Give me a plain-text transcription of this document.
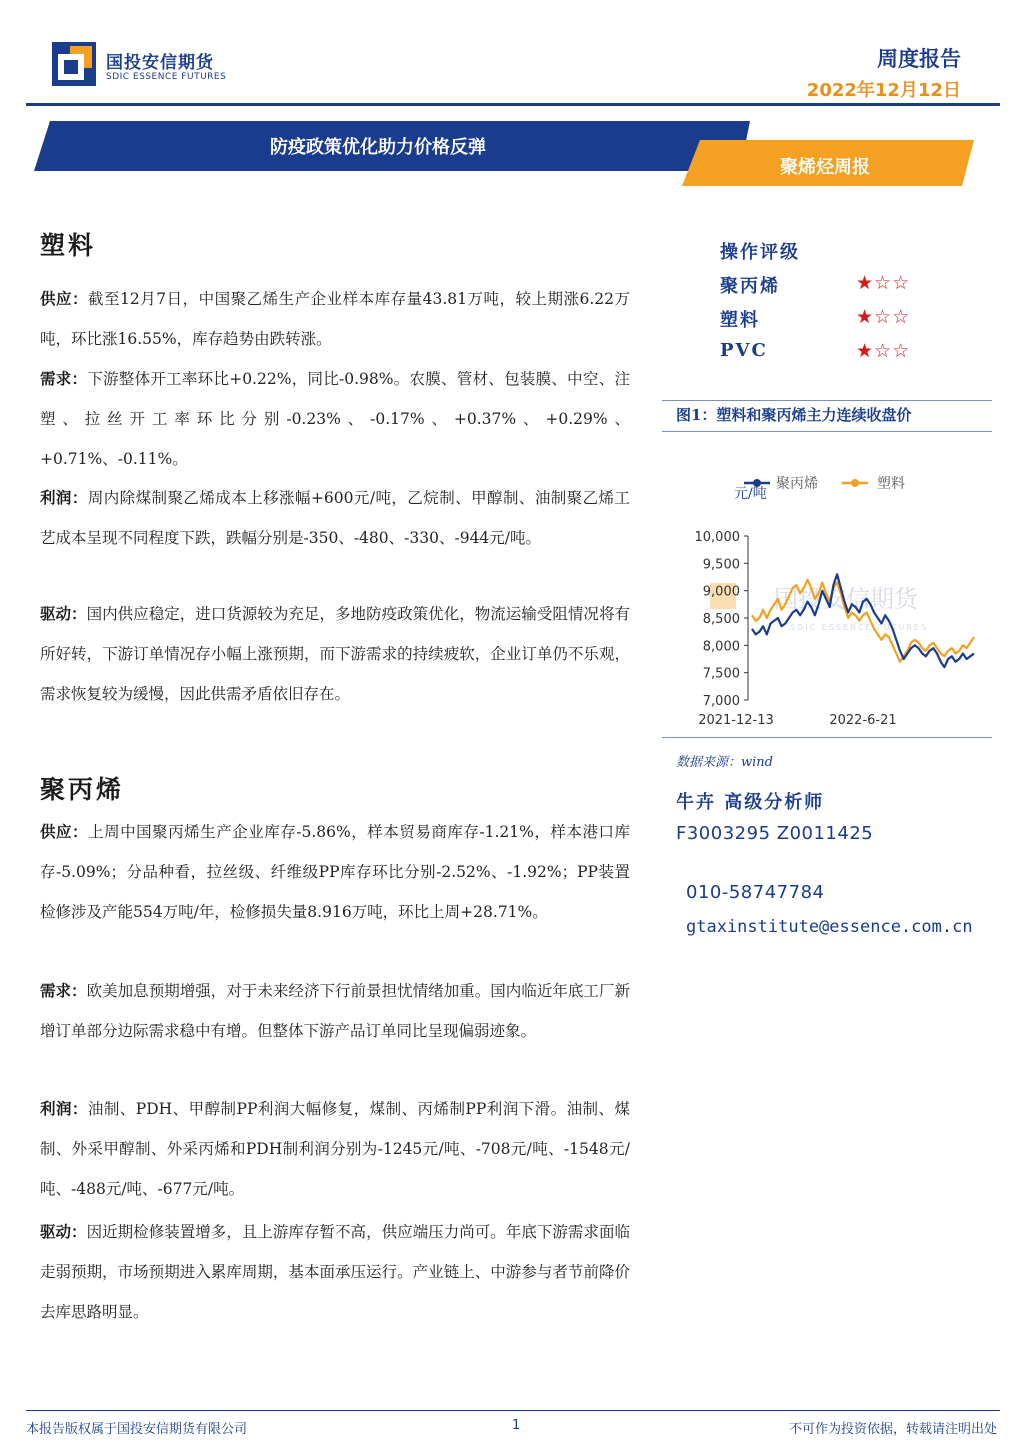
国投安信期货
SDIC ESSENCE FUTURES
周度报告
2022年12月12日
防疫政策优化助力价格反弹
聚烯烃周报
塑料
供应：截至12月7日，中国聚乙烯生产企业样本库存量43.81万吨，较上期涨6.22万吨，环比涨16.55%，库存趋势由跌转涨。
需求：下游整体开工率环比+0.22%，同比-0.98%。农膜、管材、包装膜、中空、注塑、拉丝开工率环比分别-0.23%、-0.17%、+0.37%、+0.29%、+0.71%、-0.11%。
利润：周内除煤制聚乙烯成本上移涨幅+600元/吨，乙烷制、甲醇制、油制聚乙烯工艺成本呈现不同程度下跌，跌幅分别是-350、-480、-330、-944元/吨。
驱动：国内供应稳定，进口货源较为充足，多地防疫政策优化，物流运输受阻情况将有所好转，下游订单情况存小幅上涨预期，而下游需求的持续疲软，企业订单仍不乐观，需求恢复较为缓慢，因此供需矛盾依旧存在。
聚丙烯
供应：上周中国聚丙烯生产企业库存-5.86%，样本贸易商库存-1.21%，样本港口库存-5.09%；分品种看，拉丝级、纤维级PP库存环比分别-2.52%、-1.92%；PP装置检修涉及产能554万吨/年，检修损失量8.916万吨，环比上周+28.71%。
需求：欧美加息预期增强，对于未来经济下行前景担忧情绪加重。国内临近年底工厂新增订单部分边际需求稳中有增。但整体下游产品订单同比呈现偏弱迹象。
利润：油制、PDH、甲醇制PP利润大幅修复，煤制、丙烯制PP利润下滑。油制、煤制、外采甲醇制、外采丙烯和PDH制利润分别为-1245元/吨、-708元/吨、-1548元/吨、-488元/吨、-677元/吨。
驱动：因近期检修装置增多，且上游库存暂不高，供应端压力尚可。年底下游需求面临走弱预期，市场预期进入累库周期，基本面承压运行。产业链上、中游参与者节前降价去库思路明显。
操作评级
聚丙烯	★☆☆
塑料	★☆☆
PVC	★☆☆
图1：塑料和聚丙烯主力连续收盘价
国投安信期货
SDIC ESSENCE FUTURES
聚丙烯	塑料
元/吨
10,000
9,500
9,000
8,500
8,000
7,500
7,000
2021-12-13	2022-6-21
数据来源：wind
牛卉 高级分析师
F3003295 Z0011425
010-58747784
gtaxinstitute@essence.com.cn
本报告版权属于国投安信期货有限公司	1	不可作为投资依据，转载请注明出处
